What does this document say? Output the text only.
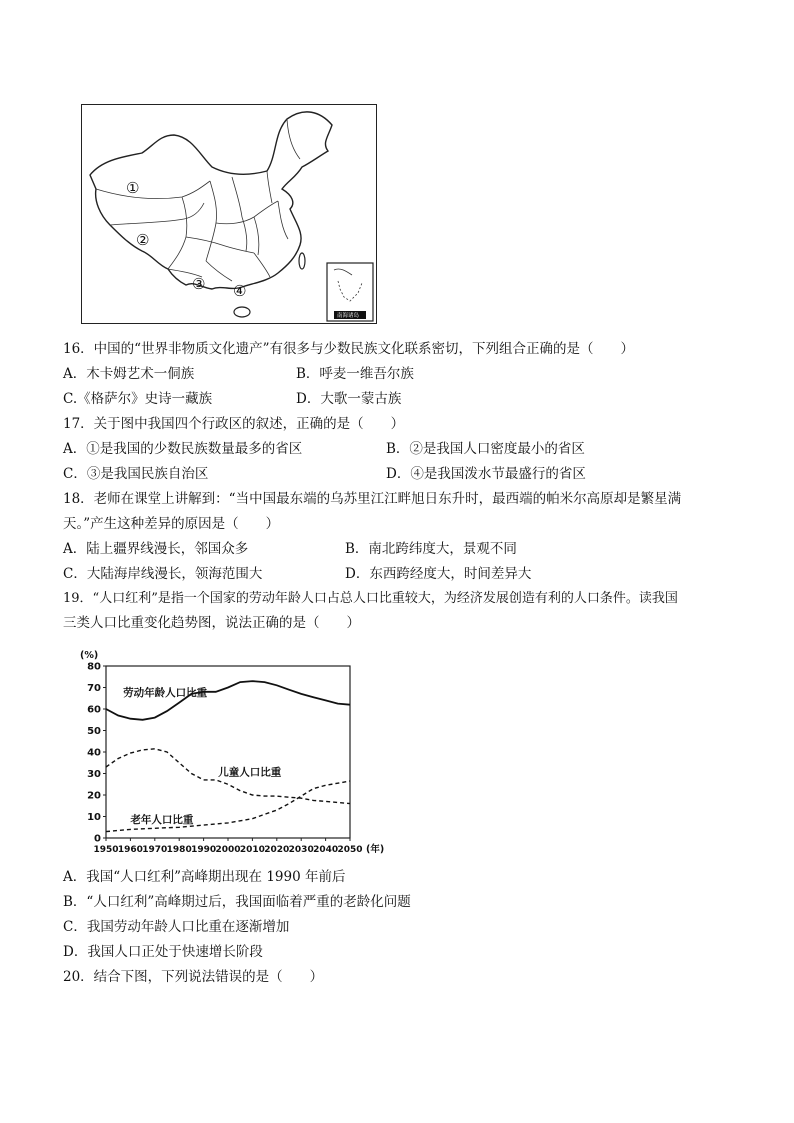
①
②
③ ④
南海诸岛
16．中国的“世界非物质文化遗产”有很多与少数民族文化联系密切，下列组合正确的是（　　）
A．木卡姆艺术一侗族	B．呼麦一维吾尔族
C.《格萨尔》史诗一藏族	D．大歌一蒙古族
17．关于图中我国四个行政区的叙述，正确的是（　　）
A．①是我国的少数民族数量最多的省区	B．②是我国人口密度最小的省区
C．③是我国民族自治区	D．④是我国泼水节最盛行的省区
18．老师在课堂上讲解到：“当中国最东端的乌苏里江江畔旭日东升时，最西端的帕米尔高原却是繁星满
天。”产生这种差异的原因是（　　）
A．陆上疆界线漫长，邻国众多	B．南北跨纬度大，景观不同
C．大陆海岸线漫长，领海范围大	D．东西跨经度大，时间差异大
19．“人口红利”是指一个国家的劳动年龄人口占总人口比重较大，为经济发展创造有利的人口条件。读我国
三类人口比重变化趋势图，说法正确的是（　　）
0
10
20
30
40
50
60
70
80
1950 1960 1970 1980 1990 2000 2010 2020 2030 2040 2050
(%)
(年)
劳动年龄人口比重
儿童人口比重
老年人口比重
A．我国“人口红利”高峰期出现在 1990 年前后
B．“人口红利”高峰期过后，我国面临着严重的老龄化问题
C．我国劳动年龄人口比重在逐渐增加
D．我国人口正处于快速增长阶段
20．结合下图，下列说法错误的是（　　）
